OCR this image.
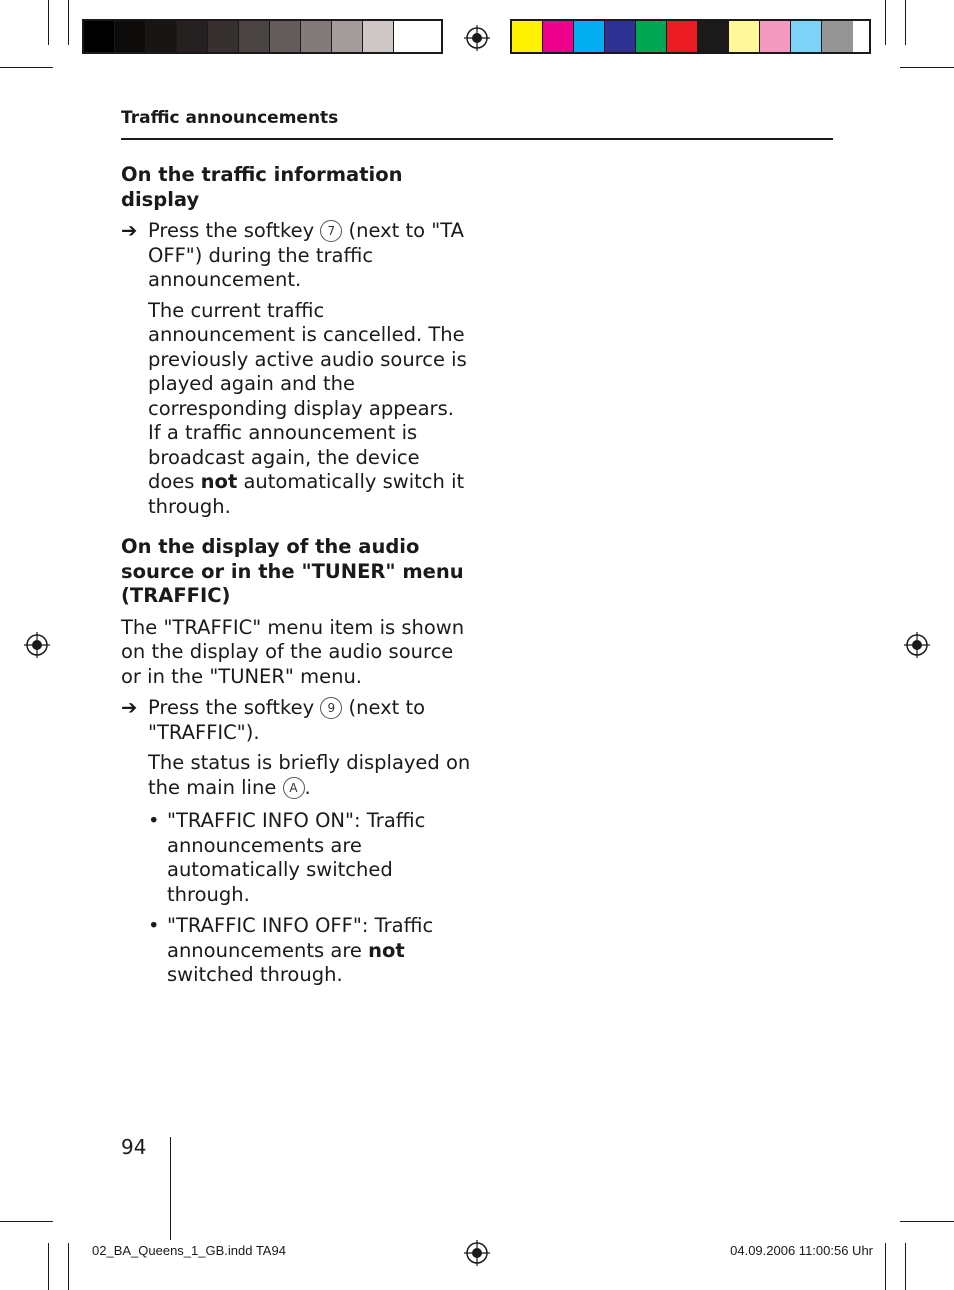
Traffic announcements
On the traffic information display
➔ Press the softkey 7 (next to "TA OFF") during the traffic announcement.

The current traffic announcement is cancelled. The previously active audio source is played again and the corresponding display appears. If a traffic announcement is broadcast again, the device does not automatically switch it through.

On the display of the audio source or in the "TUNER" menu (TRAFFIC)

The "TRAFFIC" menu item is shown on the display of the audio source or in the "TUNER" menu.

➔ Press the softkey 9 (next to "TRAFFIC").

The status is briefly displayed on the main line A .

• "TRAFFIC INFO ON": Traffic announcements are automatically switched through.
• "TRAFFIC INFO OFF": Traffic announcements are not switched through.
94
02_BA_Queens_1_GB.indd TA94	04.09.2006 11:00:56 Uhr
